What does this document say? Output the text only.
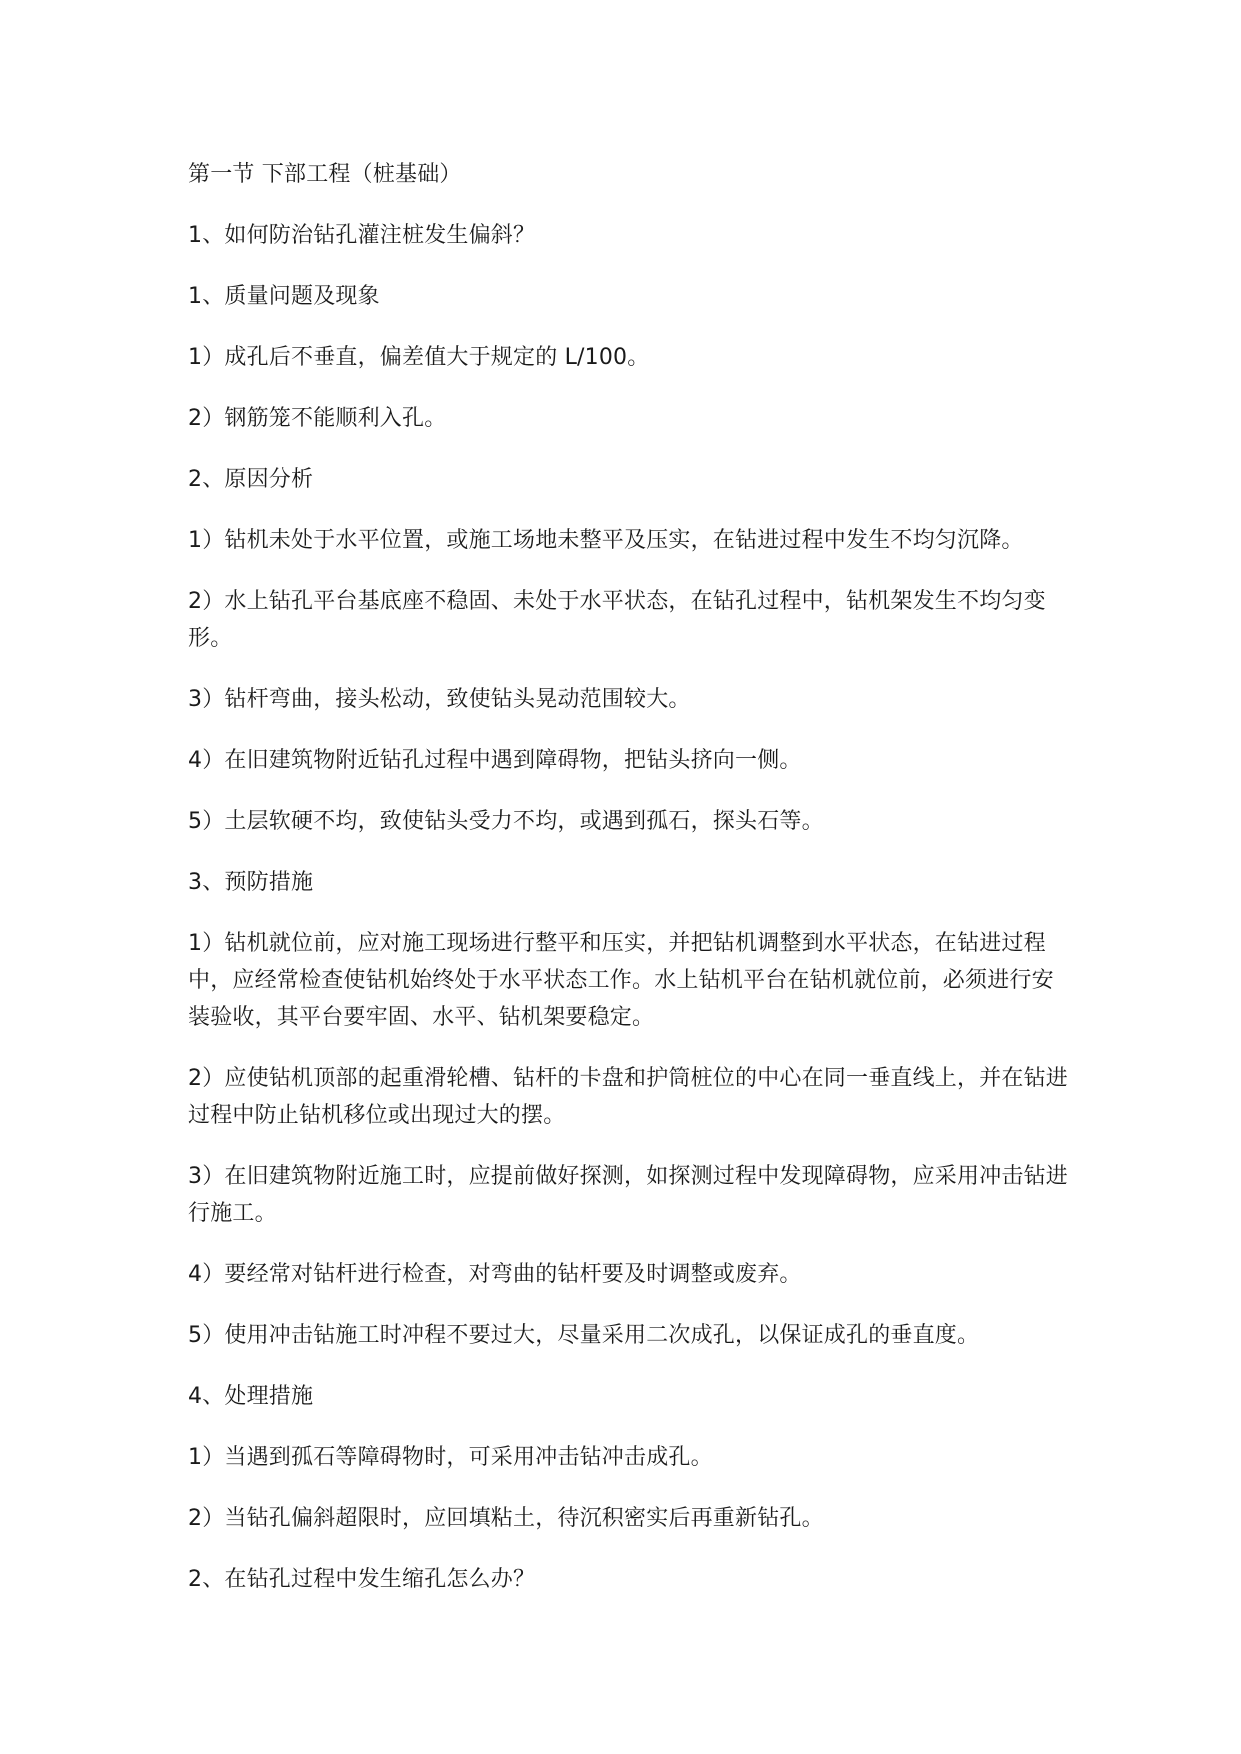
第一节 下部工程（桩基础）

1、如何防治钻孔灌注桩发生偏斜？

1、质量问题及现象

1）成孔后不垂直，偏差值大于规定的 L/100。

2）钢筋笼不能顺利入孔。

2、原因分析

1）钻机未处于水平位置，或施工场地未整平及压实，在钻进过程中发生不均匀沉降。

2）水上钻孔平台基底座不稳固、未处于水平状态，在钻孔过程中，钻机架发生不均匀变形。

3）钻杆弯曲，接头松动，致使钻头晃动范围较大。

4）在旧建筑物附近钻孔过程中遇到障碍物，把钻头挤向一侧。

5）土层软硬不均，致使钻头受力不均，或遇到孤石，探头石等。

3、预防措施

1）钻机就位前，应对施工现场进行整平和压实，并把钻机调整到水平状态，在钻进过程中，应经常检查使钻机始终处于水平状态工作。水上钻机平台在钻机就位前，必须进行安装验收，其平台要牢固、水平、钻机架要稳定。

2）应使钻机顶部的起重滑轮槽、钻杆的卡盘和护筒桩位的中心在同一垂直线上，并在钻进过程中防止钻机移位或出现过大的摆。

3）在旧建筑物附近施工时，应提前做好探测，如探测过程中发现障碍物，应采用冲击钻进行施工。

4）要经常对钻杆进行检查，对弯曲的钻杆要及时调整或废弃。

5）使用冲击钻施工时冲程不要过大，尽量采用二次成孔，以保证成孔的垂直度。

4、处理措施

1）当遇到孤石等障碍物时，可采用冲击钻冲击成孔。

2）当钻孔偏斜超限时，应回填粘土，待沉积密实后再重新钻孔。

2、在钻孔过程中发生缩孔怎么办？
